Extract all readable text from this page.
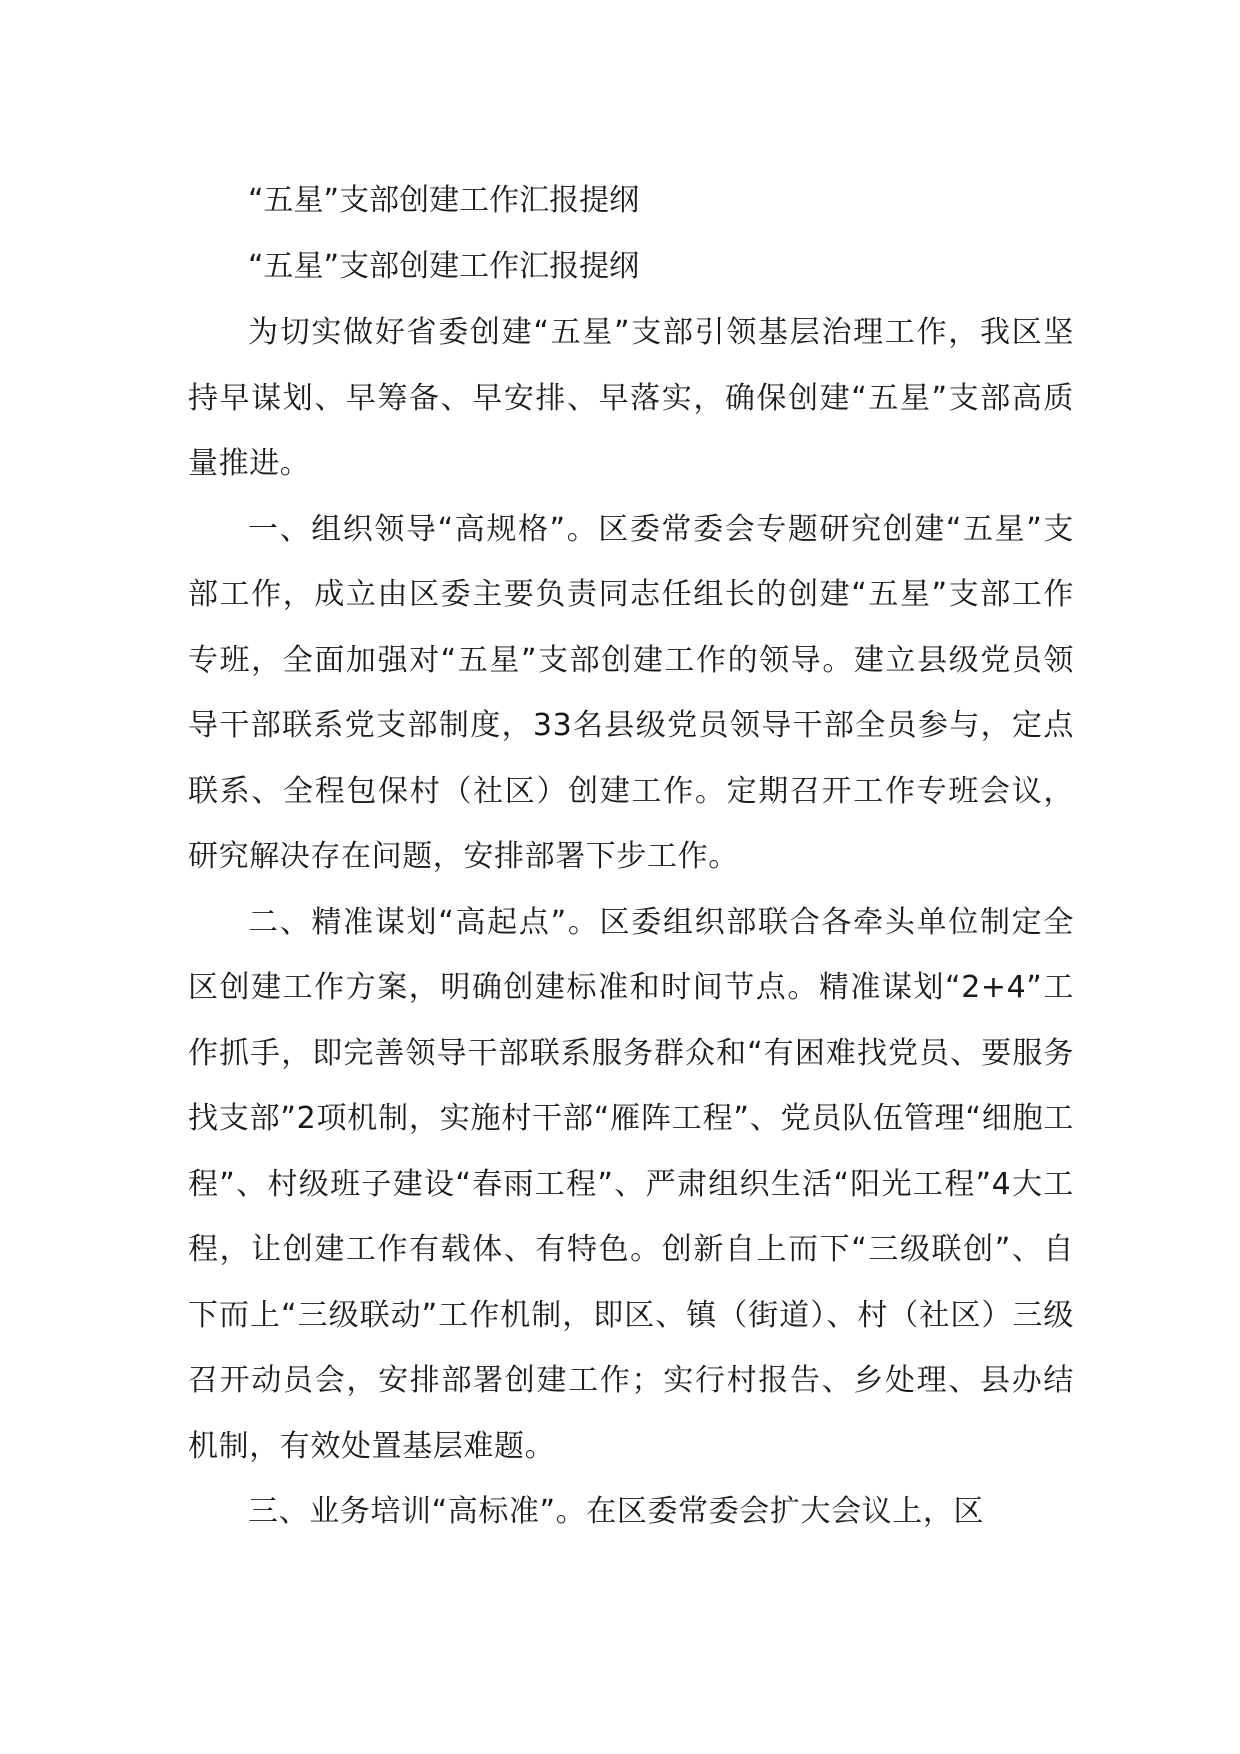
“五星”支部创建工作汇报提纲

“五星”支部创建工作汇报提纲

为切实做好省委创建“五星”支部引领基层治理工作，我区坚持早谋划、早筹备、早安排、早落实，确保创建“五星”支部高质量推进。

一、组织领导“高规格”。区委常委会专题研究创建“五星”支部工作，成立由区委主要负责同志任组长的创建“五星”支部工作专班，全面加强对“五星”支部创建工作的领导。建立县级党员领导干部联系党支部制度，33名县级党员领导干部全员参与，定点联系、全程包保村（社区）创建工作。定期召开工作专班会议，研究解决存在问题，安排部署下步工作。

二、精准谋划“高起点”。区委组织部联合各牵头单位制定全区创建工作方案，明确创建标准和时间节点。精准谋划“2+4”工作抓手，即完善领导干部联系服务群众和“有困难找党员、要服务找支部”2项机制，实施村干部“雁阵工程”、党员队伍管理“细胞工程”、村级班子建设“春雨工程”、严肃组织生活“阳光工程”4大工程，让创建工作有载体、有特色。创新自上而下“三级联创”、自下而上“三级联动”工作机制，即区、镇（街道）、村（社区）三级召开动员会，安排部署创建工作；实行村报告、乡处理、县办结机制，有效处置基层难题。

三、业务培训“高标准”。在区委常委会扩大会议上，区
